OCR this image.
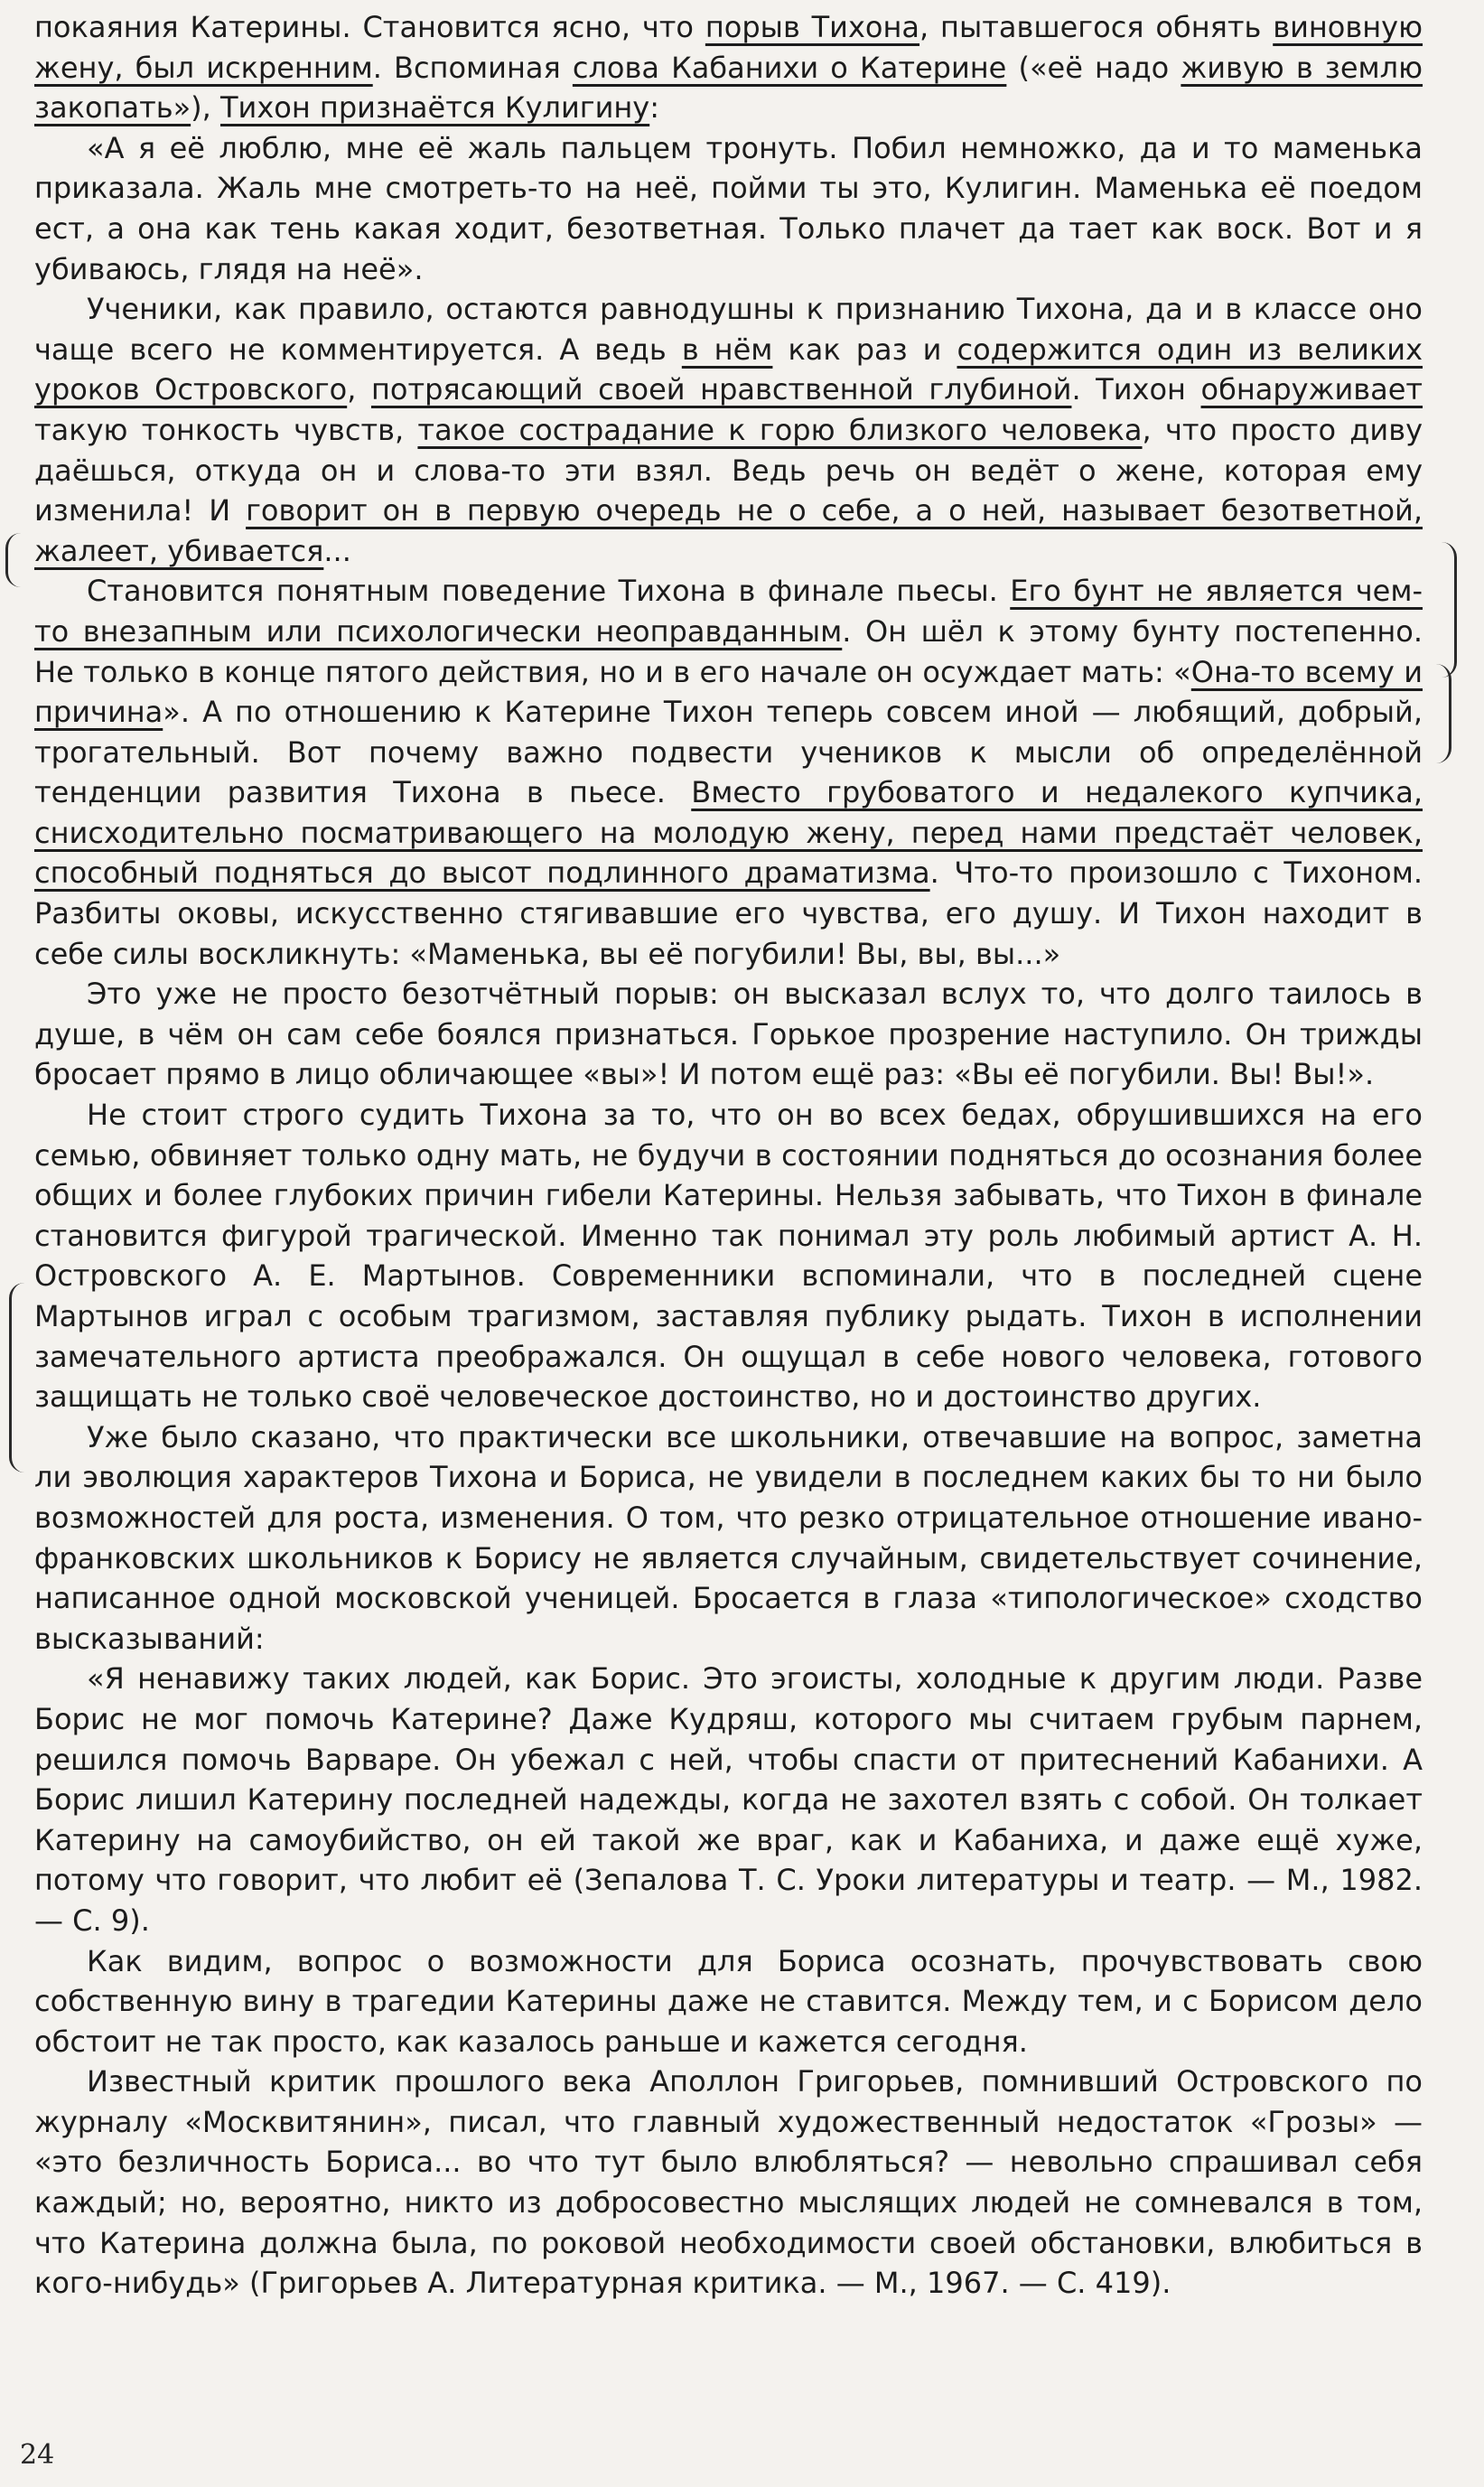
покаяния Катерины. Становится ясно, что порыв Тихона, пытавшегося обнять виновную жену, был искренним. Вспоминая слова Кабанихи о Катерине («её надо живую в землю закопать»), Тихон признаётся Кулигину:

«А я её люблю, мне её жаль пальцем тронуть. Побил немножко, да и то маменька приказала. Жаль мне смотреть-то на неё, пойми ты это, Кулигин. Маменька её поедом ест, а она как тень какая ходит, безответная. Только плачет да тает как воск. Вот и я убиваюсь, глядя на неё».

Ученики, как правило, остаются равнодушны к признанию Тихона, да и в классе оно чаще всего не комментируется. А ведь в нём как раз и содержится один из великих уроков Островского, потрясающий своей нравственной глубиной. Тихон обнаруживает такую тонкость чувств, такое сострадание к горю близкого человека, что просто диву даёшься, откуда он и слова-то эти взял. Ведь речь он ведёт о жене, которая ему изменила! И говорит он в первую очередь не о себе, а о ней, называет безответной, жалеет, убивается...

Становится понятным поведение Тихона в финале пьесы. Его бунт не является чем-то внезапным или психологически неоправданным. Он шёл к этому бунту постепенно. Не только в конце пятого действия, но и в его начале он осуждает мать: «Она-то всему и причина». А по отношению к Катерине Тихон теперь совсем иной — любящий, добрый, трогательный. Вот почему важно подвести учеников к мысли об определённой тенденции развития Тихона в пьесе. Вместо грубоватого и недалекого купчика, снисходительно посматривающего на молодую жену, перед нами предстаёт человек, способный подняться до высот подлинного драматизма. Что-то произошло с Тихоном. Разбиты оковы, искусственно стягивавшие его чувства, его душу. И Тихон находит в себе силы воскликнуть: «Маменька, вы её погубили! Вы, вы, вы...»

Это уже не просто безотчётный порыв: он высказал вслух то, что долго таилось в душе, в чём он сам себе боялся признаться. Горькое прозрение наступило. Он трижды бросает прямо в лицо обличающее «вы»! И потом ещё раз: «Вы её погубили. Вы! Вы!».

Не стоит строго судить Тихона за то, что он во всех бедах, обрушившихся на его семью, обвиняет только одну мать, не будучи в состоянии подняться до осознания более общих и более глубоких причин гибели Катерины. Нельзя забывать, что Тихон в финале становится фигурой трагической. Именно так понимал эту роль любимый артист А. Н. Островского А. Е. Мартынов. Современники вспоминали, что в последней сцене Мартынов играл с особым трагизмом, заставляя публику рыдать. Тихон в исполнении замечательного артиста преображался. Он ощущал в себе нового человека, готового защищать не только своё человеческое достоинство, но и достоинство других.

Уже было сказано, что практически все школьники, отвечавшие на вопрос, заметна ли эволюция характеров Тихона и Бориса, не увидели в последнем каких бы то ни было возможностей для роста, изменения. О том, что резко отрицательное отношение ивано-франковских школьников к Борису не является случайным, свидетельствует сочинение, написанное одной московской ученицей. Бросается в глаза «типологическое» сходство высказываний:

«Я ненавижу таких людей, как Борис. Это эгоисты, холодные к другим люди. Разве Борис не мог помочь Катерине? Даже Кудряш, которого мы считаем грубым парнем, решился помочь Варваре. Он убежал с ней, чтобы спасти от притеснений Кабанихи. А Борис лишил Катерину последней надежды, когда не захотел взять с собой. Он толкает Катерину на самоубийство, он ей такой же враг, как и Кабаниха, и даже ещё хуже, потому что говорит, что любит её (Зепалова Т. С. Уроки литературы и театр. — М., 1982. — С. 9).

Как видим, вопрос о возможности для Бориса осознать, прочувствовать свою собственную вину в трагедии Катерины даже не ставится. Между тем, и с Борисом дело обстоит не так просто, как казалось раньше и кажется сегодня.

Известный критик прошлого века Аполлон Григорьев, помнивший Островского по журналу «Москвитянин», писал, что главный художественный недостаток «Грозы» — «это безличность Бориса... во что тут было влюбляться? — невольно спрашивал себя каждый; но, вероятно, никто из добросовестно мыслящих людей не сомневался в том, что Катерина должна была, по роковой необходимости своей обстановки, влюбиться в кого-нибудь» (Григорьев А. Литературная критика. — М., 1967. — С. 419).

24
